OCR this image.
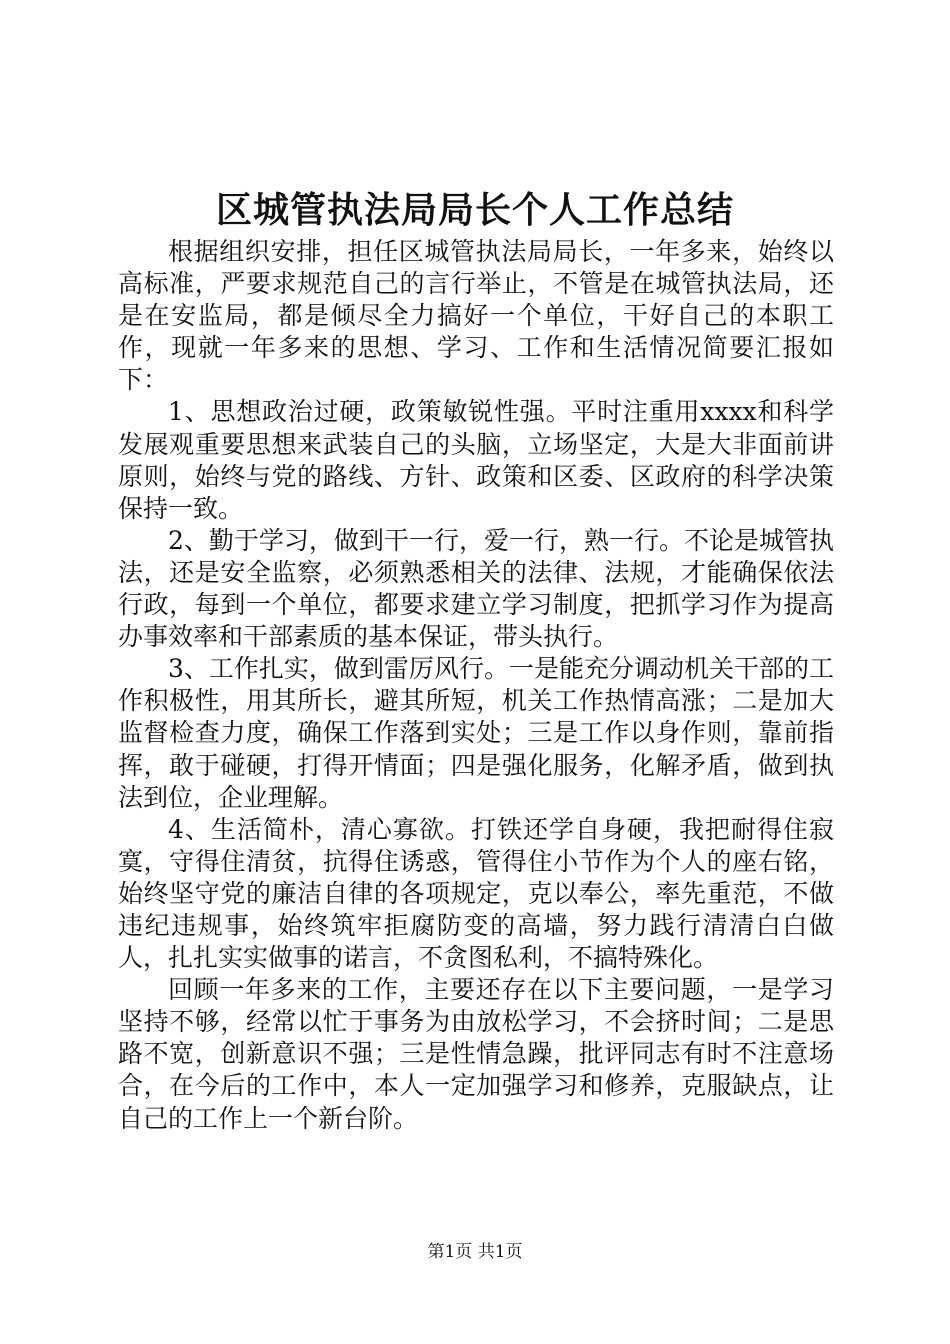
区城管执法局局长个人工作总结

根据组织安排，担任区城管执法局局长，一年多来，始终以高标准，严要求规范自己的言行举止，不管是在城管执法局，还是在安监局，都是倾尽全力搞好一个单位，干好自己的本职工作，现就一年多来的思想、学习、工作和生活情况简要汇报如下：

1、思想政治过硬，政策敏锐性强。平时注重用xxxx和科学发展观重要思想来武装自己的头脑，立场坚定，大是大非面前讲原则，始终与党的路线、方针、政策和区委、区政府的科学决策保持一致。

2、勤于学习，做到干一行，爱一行，熟一行。不论是城管执法，还是安全监察，必须熟悉相关的法律、法规，才能确保依法行政，每到一个单位，都要求建立学习制度，把抓学习作为提高办事效率和干部素质的基本保证，带头执行。

3、工作扎实，做到雷厉风行。一是能充分调动机关干部的工作积极性，用其所长，避其所短，机关工作热情高涨；二是加大监督检查力度，确保工作落到实处；三是工作以身作则，靠前指挥，敢于碰硬，打得开情面；四是强化服务，化解矛盾，做到执法到位，企业理解。

4、生活简朴，清心寡欲。打铁还学自身硬，我把耐得住寂寞，守得住清贫，抗得住诱惑，管得住小节作为个人的座右铭，始终坚守党的廉洁自律的各项规定，克以奉公，率先重范，不做违纪违规事，始终筑牢拒腐防变的高墙，努力践行清清白白做人，扎扎实实做事的诺言，不贪图私利，不搞特殊化。

回顾一年多来的工作，主要还存在以下主要问题，一是学习坚持不够，经常以忙于事务为由放松学习，不会挤时间；二是思路不宽，创新意识不强；三是性情急躁，批评同志有时不注意场合，在今后的工作中，本人一定加强学习和修养，克服缺点，让自己的工作上一个新台阶。

第1页 共1页
